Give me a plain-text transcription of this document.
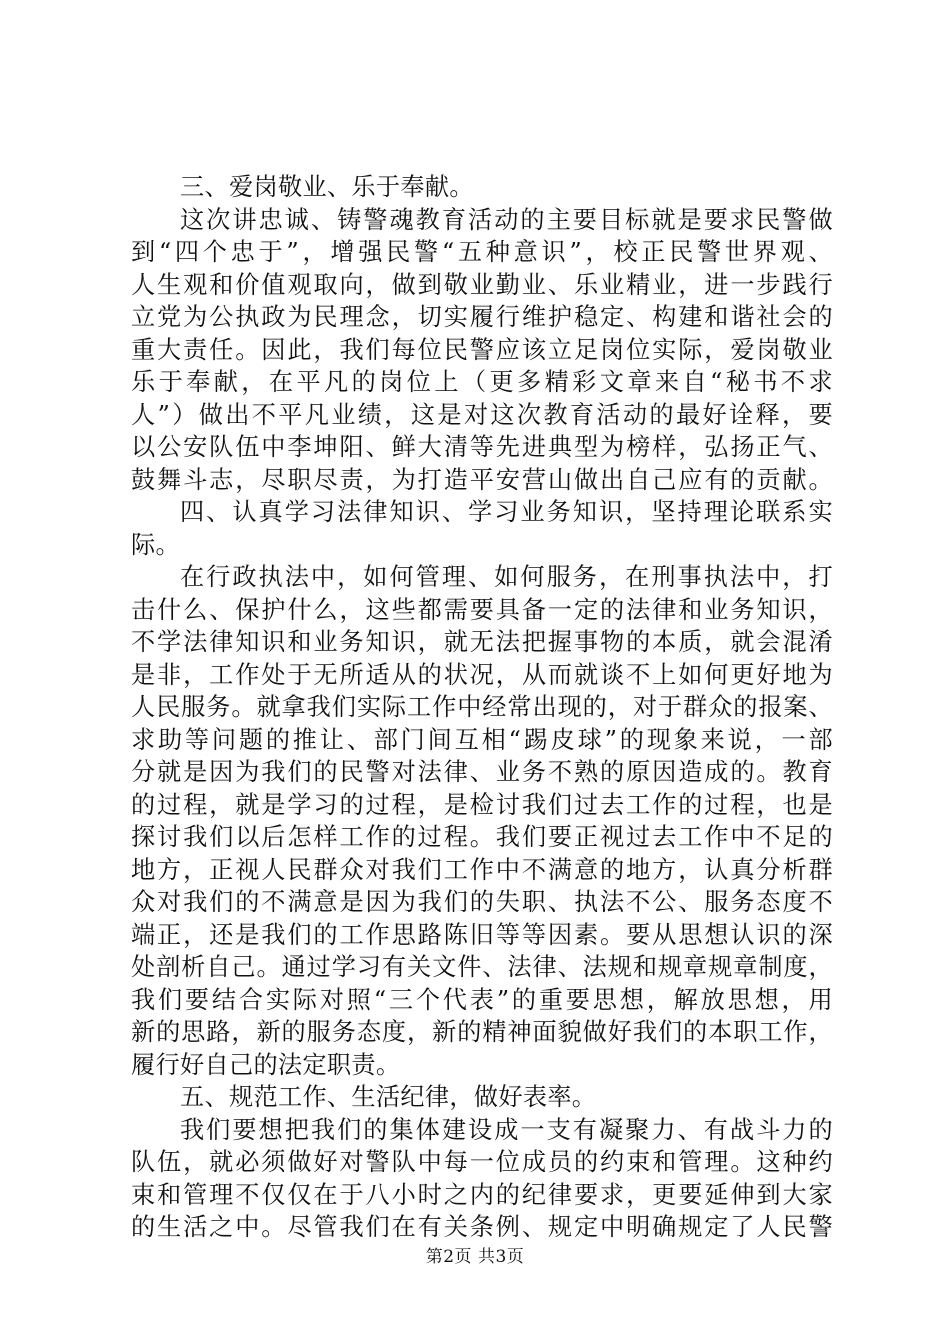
三、爱岗敬业、乐于奉献。
这次讲忠诚、铸警魂教育活动的主要目标就是要求民警做
到“四个忠于”，增强民警“五种意识”，校正民警世界观、
人生观和价值观取向，做到敬业勤业、乐业精业，进一步践行
立党为公执政为民理念，切实履行维护稳定、构建和谐社会的
重大责任。因此，我们每位民警应该立足岗位实际，爱岗敬业
乐于奉献，在平凡的岗位上（更多精彩文章来自“秘书不求
人”）做出不平凡业绩，这是对这次教育活动的最好诠释，要
以公安队伍中李坤阳、鲜大清等先进典型为榜样，弘扬正气、
鼓舞斗志，尽职尽责，为打造平安营山做出自己应有的贡献。
四、认真学习法律知识、学习业务知识，坚持理论联系实
际。
在行政执法中，如何管理、如何服务，在刑事执法中，打
击什么、保护什么，这些都需要具备一定的法律和业务知识，
不学法律知识和业务知识，就无法把握事物的本质，就会混淆
是非，工作处于无所适从的状况，从而就谈不上如何更好地为
人民服务。就拿我们实际工作中经常出现的，对于群众的报案、
求助等问题的推让、部门间互相“踢皮球”的现象来说，一部
分就是因为我们的民警对法律、业务不熟的原因造成的。教育
的过程，就是学习的过程，是检讨我们过去工作的过程，也是
探讨我们以后怎样工作的过程。我们要正视过去工作中不足的
地方，正视人民群众对我们工作中不满意的地方，认真分析群
众对我们的不满意是因为我们的失职、执法不公、服务态度不
端正，还是我们的工作思路陈旧等等因素。要从思想认识的深
处剖析自己。通过学习有关文件、法律、法规和规章规章制度，
我们要结合实际对照“三个代表”的重要思想，解放思想，用
新的思路，新的服务态度，新的精神面貌做好我们的本职工作，
履行好自己的法定职责。
五、规范工作、生活纪律，做好表率。
我们要想把我们的集体建设成一支有凝聚力、有战斗力的
队伍，就必须做好对警队中每一位成员的约束和管理。这种约
束和管理不仅仅在于八小时之内的纪律要求，更要延伸到大家
的生活之中。尽管我们在有关条例、规定中明确规定了人民警
第2页 共3页
